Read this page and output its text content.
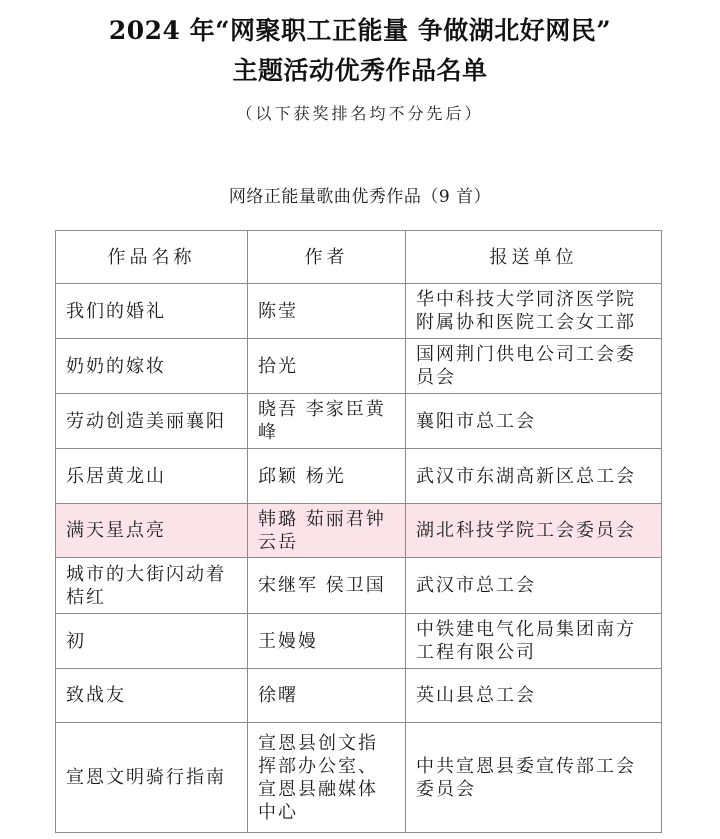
2024 年“网聚职工正能量 争做湖北好网民”
主题活动优秀作品名单
（以下获奖排名均不分先后）
网络正能量歌曲优秀作品（9 首）
作品名称	作者	报送单位
我们的婚礼	陈莹	华中科技大学同济医学院附属协和医院工会女工部
奶奶的嫁妆	拾光	国网荆门供电公司工会委员会
劳动创造美丽襄阳	晓吾 李家臣黄峰	襄阳市总工会
乐居黄龙山	邱颖 杨光	武汉市东湖高新区总工会
满天星点亮	韩璐 茹丽君钟云岳	湖北科技学院工会委员会
城市的大街闪动着桔红	宋继军 侯卫国	武汉市总工会
初	王嫚嫚	中铁建电气化局集团南方工程有限公司
致战友	徐曙	英山县总工会
宣恩文明骑行指南	宣恩县创文指挥部办公室、宣恩县融媒体中心	中共宣恩县委宣传部工会委员会
